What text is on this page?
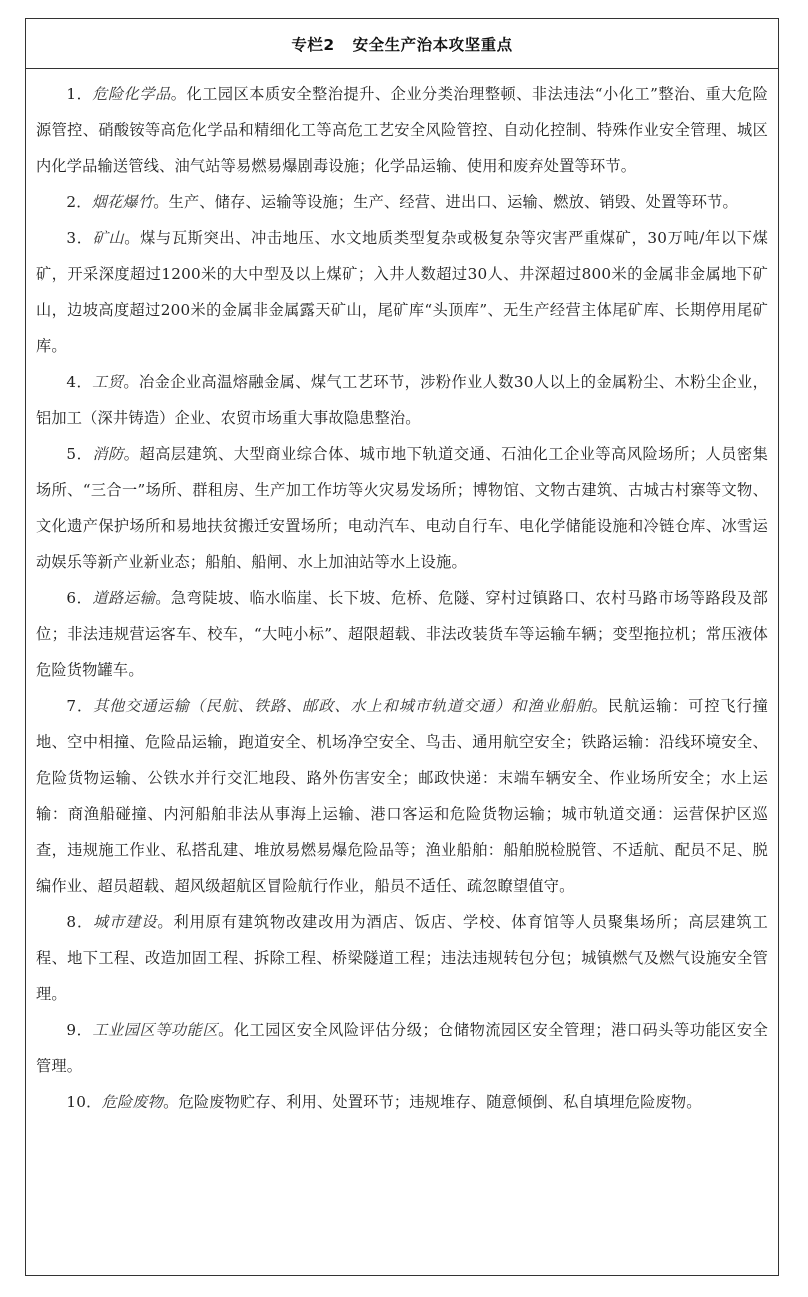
专栏2 安全生产治本攻坚重点

1．危险化学品。化工园区本质安全整治提升、企业分类治理整顿、非法违法“小化工”整治、重大危险源管控、硝酸铵等高危化学品和精细化工等高危工艺安全风险管控、自动化控制、特殊作业安全管理、城区内化学品输送管线、油气站等易燃易爆剧毒设施；化学品运输、使用和废弃处置等环节。

2．烟花爆竹。生产、储存、运输等设施；生产、经营、进出口、运输、燃放、销毁、处置等环节。

3．矿山。煤与瓦斯突出、冲击地压、水文地质类型复杂或极复杂等灾害严重煤矿，30万吨/年以下煤矿，开采深度超过1200米的大中型及以上煤矿；入井人数超过30人、井深超过800米的金属非金属地下矿山，边坡高度超过200米的金属非金属露天矿山，尾矿库“头顶库”、无生产经营主体尾矿库、长期停用尾矿库。

4．工贸。冶金企业高温熔融金属、煤气工艺环节，涉粉作业人数30人以上的金属粉尘、木粉尘企业，铝加工（深井铸造）企业、农贸市场重大事故隐患整治。

5．消防。超高层建筑、大型商业综合体、城市地下轨道交通、石油化工企业等高风险场所；人员密集场所、“三合一”场所、群租房、生产加工作坊等火灾易发场所；博物馆、文物古建筑、古城古村寨等文物、文化遗产保护场所和易地扶贫搬迁安置场所；电动汽车、电动自行车、电化学储能设施和冷链仓库、冰雪运动娱乐等新产业新业态；船舶、船闸、水上加油站等水上设施。

6．道路运输。急弯陡坡、临水临崖、长下坡、危桥、危隧、穿村过镇路口、农村马路市场等路段及部位；非法违规营运客车、校车，“大吨小标”、超限超载、非法改装货车等运输车辆；变型拖拉机；常压液体危险货物罐车。

7．其他交通运输（民航、铁路、邮政、水上和城市轨道交通）和渔业船舶。民航运输：可控飞行撞地、空中相撞、危险品运输，跑道安全、机场净空安全、鸟击、通用航空安全；铁路运输：沿线环境安全、危险货物运输、公铁水并行交汇地段、路外伤害安全；邮政快递：末端车辆安全、作业场所安全；水上运输：商渔船碰撞、内河船舶非法从事海上运输、港口客运和危险货物运输；城市轨道交通：运营保护区巡查，违规施工作业、私搭乱建、堆放易燃易爆危险品等；渔业船舶：船舶脱检脱管、不适航、配员不足、脱编作业、超员超载、超风级超航区冒险航行作业，船员不适任、疏忽瞭望值守。

8．城市建设。利用原有建筑物改建改用为酒店、饭店、学校、体育馆等人员聚集场所；高层建筑工程、地下工程、改造加固工程、拆除工程、桥梁隧道工程；违法违规转包分包；城镇燃气及燃气设施安全管理。

9．工业园区等功能区。化工园区安全风险评估分级；仓储物流园区安全管理；港口码头等功能区安全管理。

10．危险废物。危险废物贮存、利用、处置环节；违规堆存、随意倾倒、私自填埋危险废物。
